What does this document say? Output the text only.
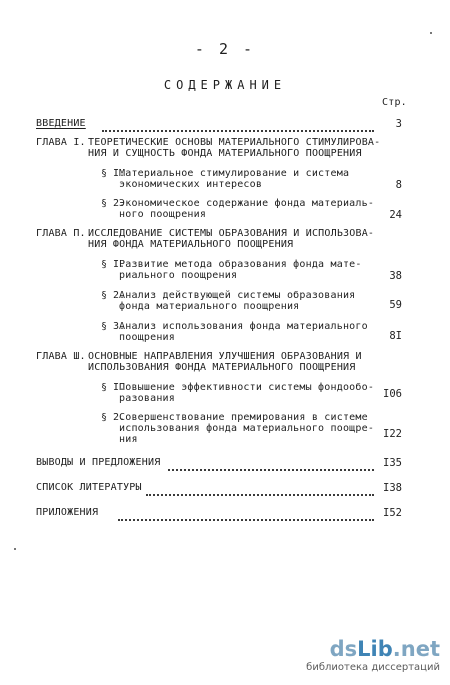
- 2 -
СОДЕРЖАНИЕ
Стр.
ВВЕДЕНИЕ	3
ГЛАВА I. ТЕОРЕТИЧЕСКИЕ ОСНОВЫ МАТЕРИАЛЬНОГО СТИМУЛИРОВА-
НИЯ И СУЩНОСТЬ ФОНДА МАТЕРИАЛЬНОГО ПООЩРЕНИЯ
§ I.
Материальное стимулирование и система
экономических интересов	8
§ 2.
Экономическое содержание фонда материаль-
ного поощрения	24
ГЛАВА П. ИССЛЕДОВАНИЕ СИСТЕМЫ ОБРАЗОВАНИЯ И ИСПОЛЬЗОВА-
НИЯ ФОНДА МАТЕРИАЛЬНОГО ПООЩРЕНИЯ
§ I.
Развитие метода образования фонда мате-
риального поощрения	38
§ 2.
Анализ действующей системы образования
фонда материального поощрения	59
§ 3.
Анализ использования фонда материального
поощрения	8I
ГЛАВА Ш. ОСНОВНЫЕ НАПРАВЛЕНИЯ УЛУЧШЕНИЯ ОБРАЗОВАНИЯ И
ИСПОЛЬЗОВАНИЯ ФОНДА МАТЕРИАЛЬНОГО ПООЩРЕНИЯ
§ I.
Повышение эффективности системы фондообо-
разования	I06
§ 2.
Совершенствование премирования в системе
использования фонда материального поощре-
ния	I22
ВЫВОДЫ И ПРЕДЛОЖЕНИЯ	I35
СПИСОК ЛИТЕРАТУРЫ	I38
ПРИЛОЖЕНИЯ	I52
dsLib.net
библиотека диссертаций
